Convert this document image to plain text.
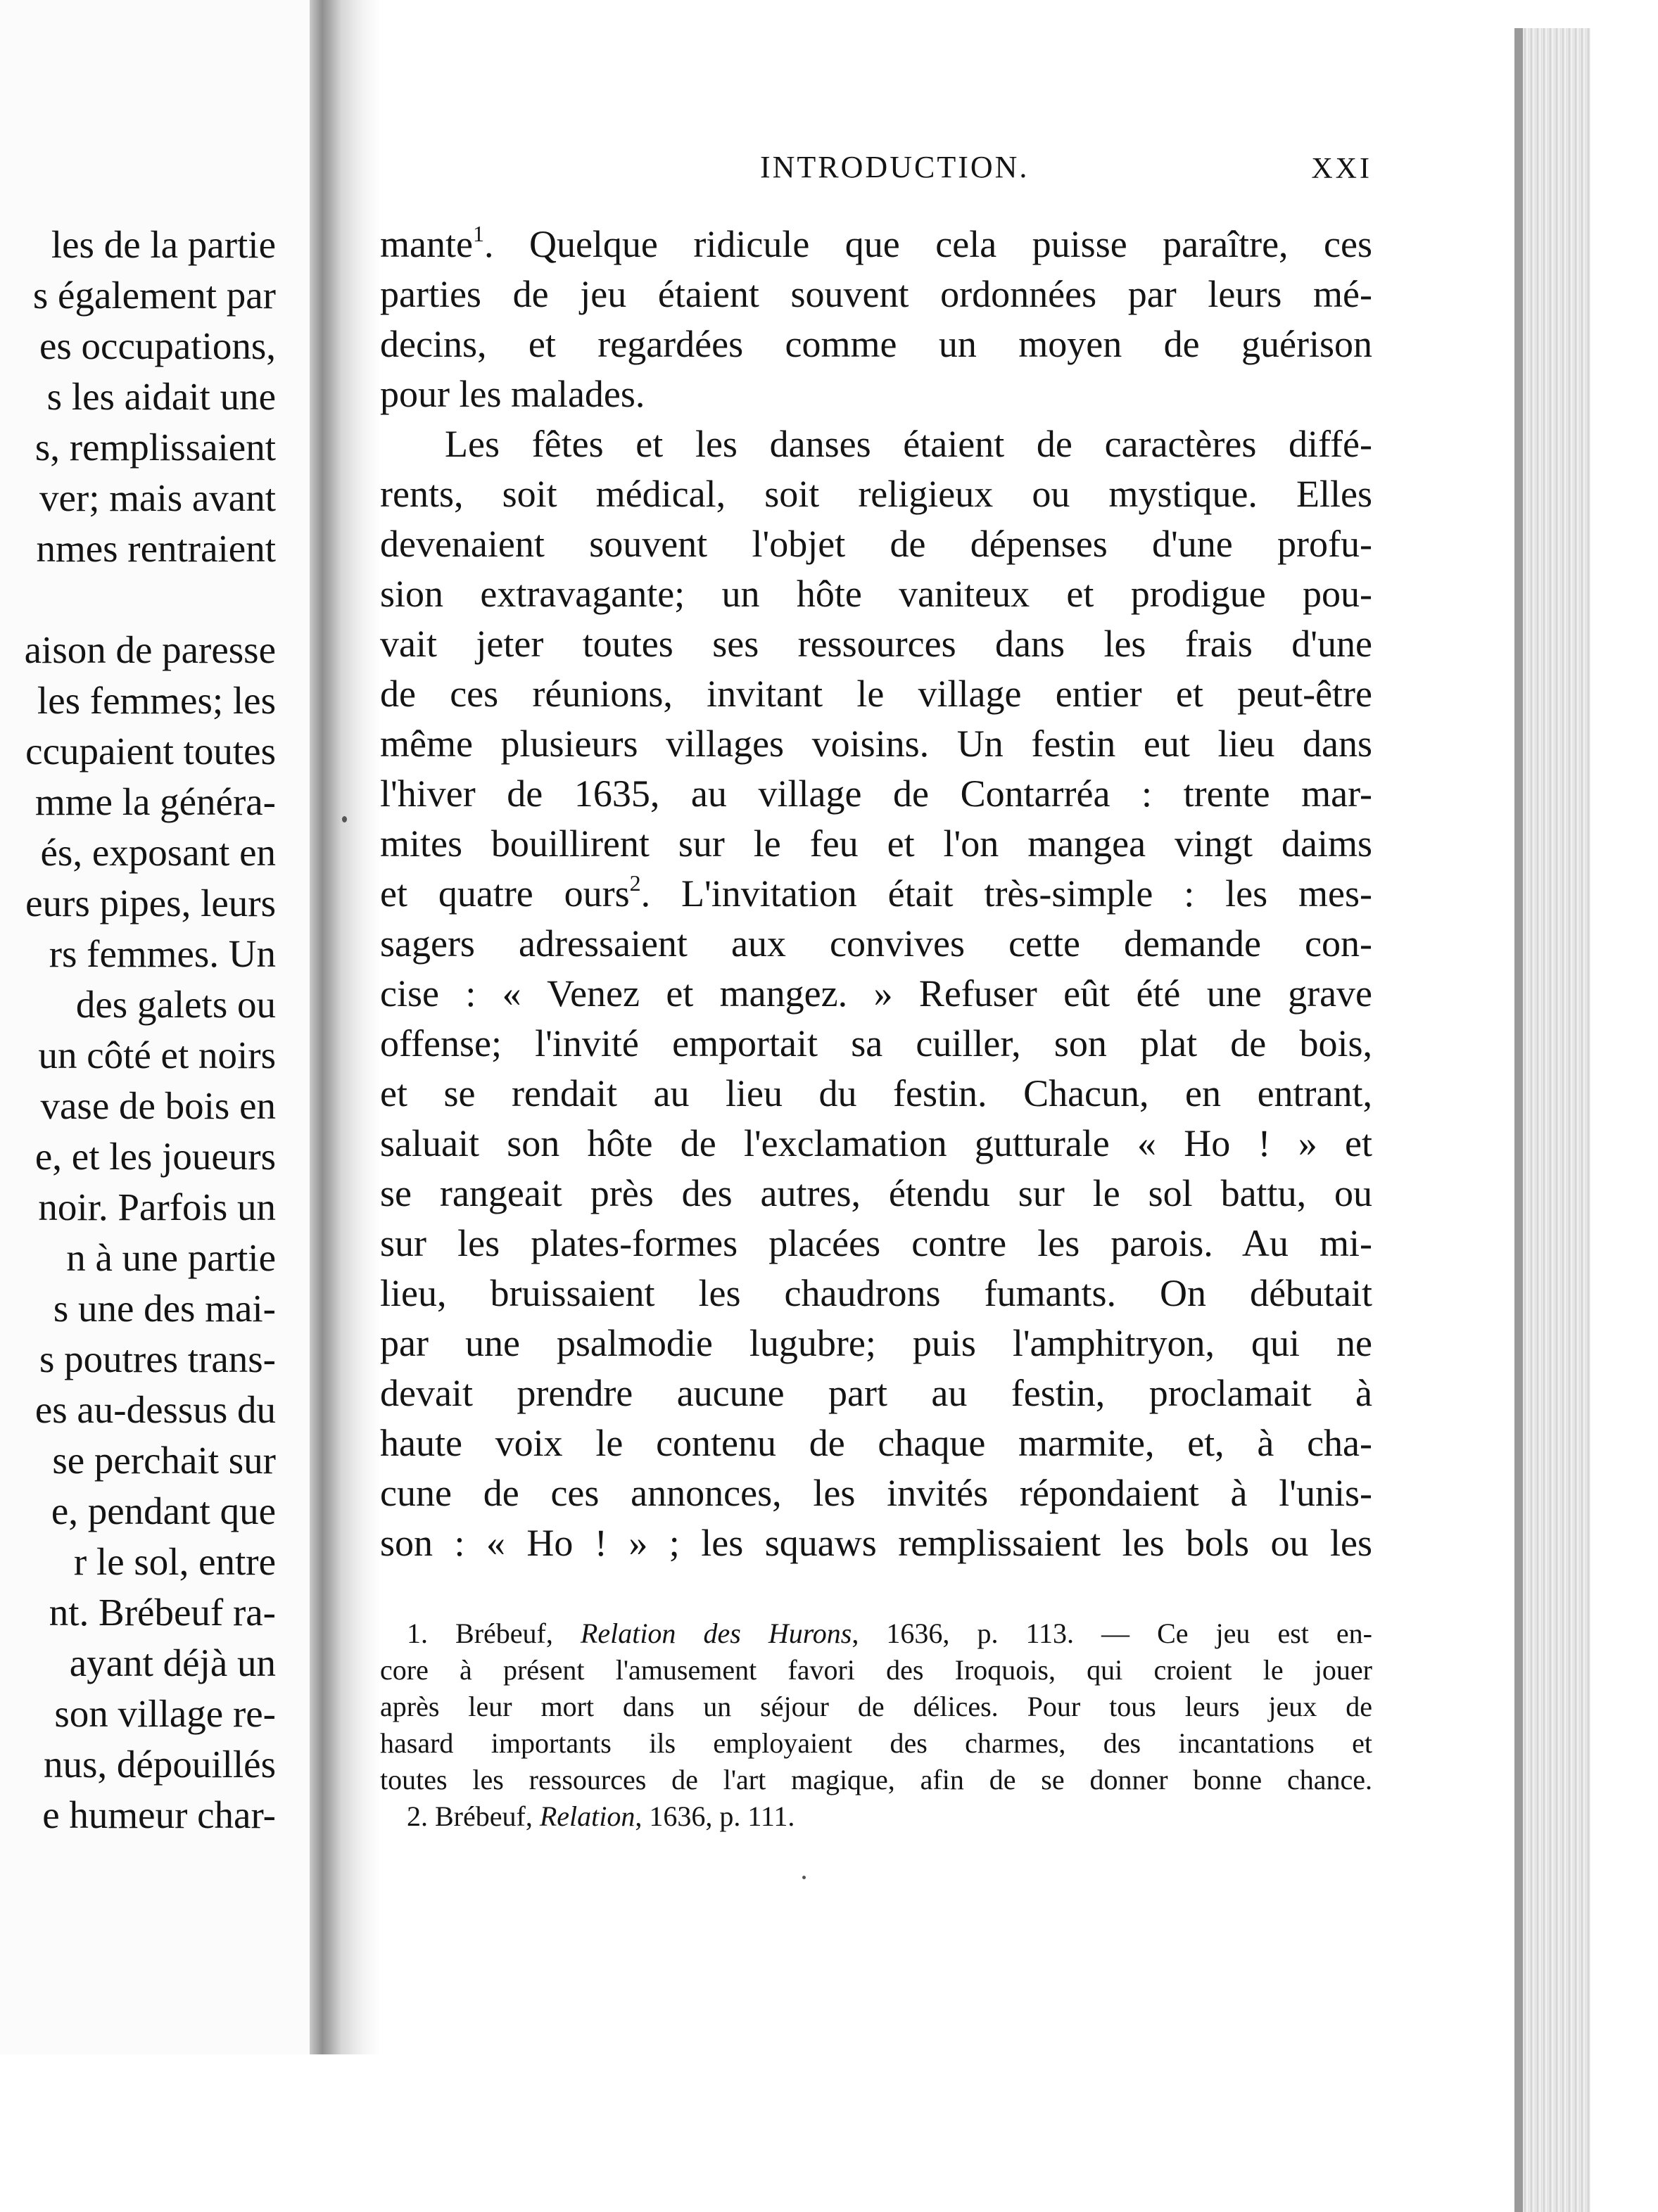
les de la partie
s également par
es occupations,
s les aidait une
s, remplissaient
ver; mais avant
nmes rentraient
aison de paresse
les femmes; les
ccupaient toutes
mme la généra-
és, exposant en
eurs pipes, leurs
rs femmes. Un
des galets ou
un côté et noirs
vase de bois en
e, et les joueurs
noir. Parfois un
n à une partie
s une des mai-
s poutres trans-
es au-dessus du
se perchait sur
e, pendant que
r le sol, entre
nt. Brébeuf ra-
ayant déjà un
son village re-
nus, dépouillés
e humeur char-
INTRODUCTION.	XXI
mante$^1$. Quelque ridicule que cela puisse paraître, ces
parties de jeu étaient souvent ordonnées par leurs mé-
decins, et regardées comme un moyen de guérison
pour les malades.
Les fêtes et les danses étaient de caractères diffé-
rents, soit médical, soit religieux ou mystique. Elles
devenaient souvent l'objet de dépenses d'une profu-
sion extravagante; un hôte vaniteux et prodigue pou-
vait jeter toutes ses ressources dans les frais d'une
de ces réunions, invitant le village entier et peut-être
même plusieurs villages voisins. Un festin eut lieu dans
l'hiver de 1635, au village de Contarréa : trente mar-
mites bouillirent sur le feu et l'on mangea vingt daims
et quatre ours$^2$. L'invitation était très-simple : les mes-
sagers adressaient aux convives cette demande con-
cise : « Venez et mangez. » Refuser eût été une grave
offense; l'invité emportait sa cuiller, son plat de bois,
et se rendait au lieu du festin. Chacun, en entrant,
saluait son hôte de l'exclamation gutturale « Ho ! » et
se rangeait près des autres, étendu sur le sol battu, ou
sur les plates-formes placées contre les parois. Au mi-
lieu, bruissaient les chaudrons fumants. On débutait
par une psalmodie lugubre; puis l'amphitryon, qui ne
devait prendre aucune part au festin, proclamait à
haute voix le contenu de chaque marmite, et, à cha-
cune de ces annonces, les invités répondaient à l'unis-
son : « Ho ! » ; les squaws remplissaient les bols ou les
1. Brébeuf, Relation des Hurons, 1636, p. 113. — Ce jeu est en-
core à présent l'amusement favori des Iroquois, qui croient le jouer
après leur mort dans un séjour de délices. Pour tous leurs jeux de
hasard importants ils employaient des charmes, des incantations et
toutes les ressources de l'art magique, afin de se donner bonne chance.
2. Brébeuf, Relation, 1636, p. 111.
